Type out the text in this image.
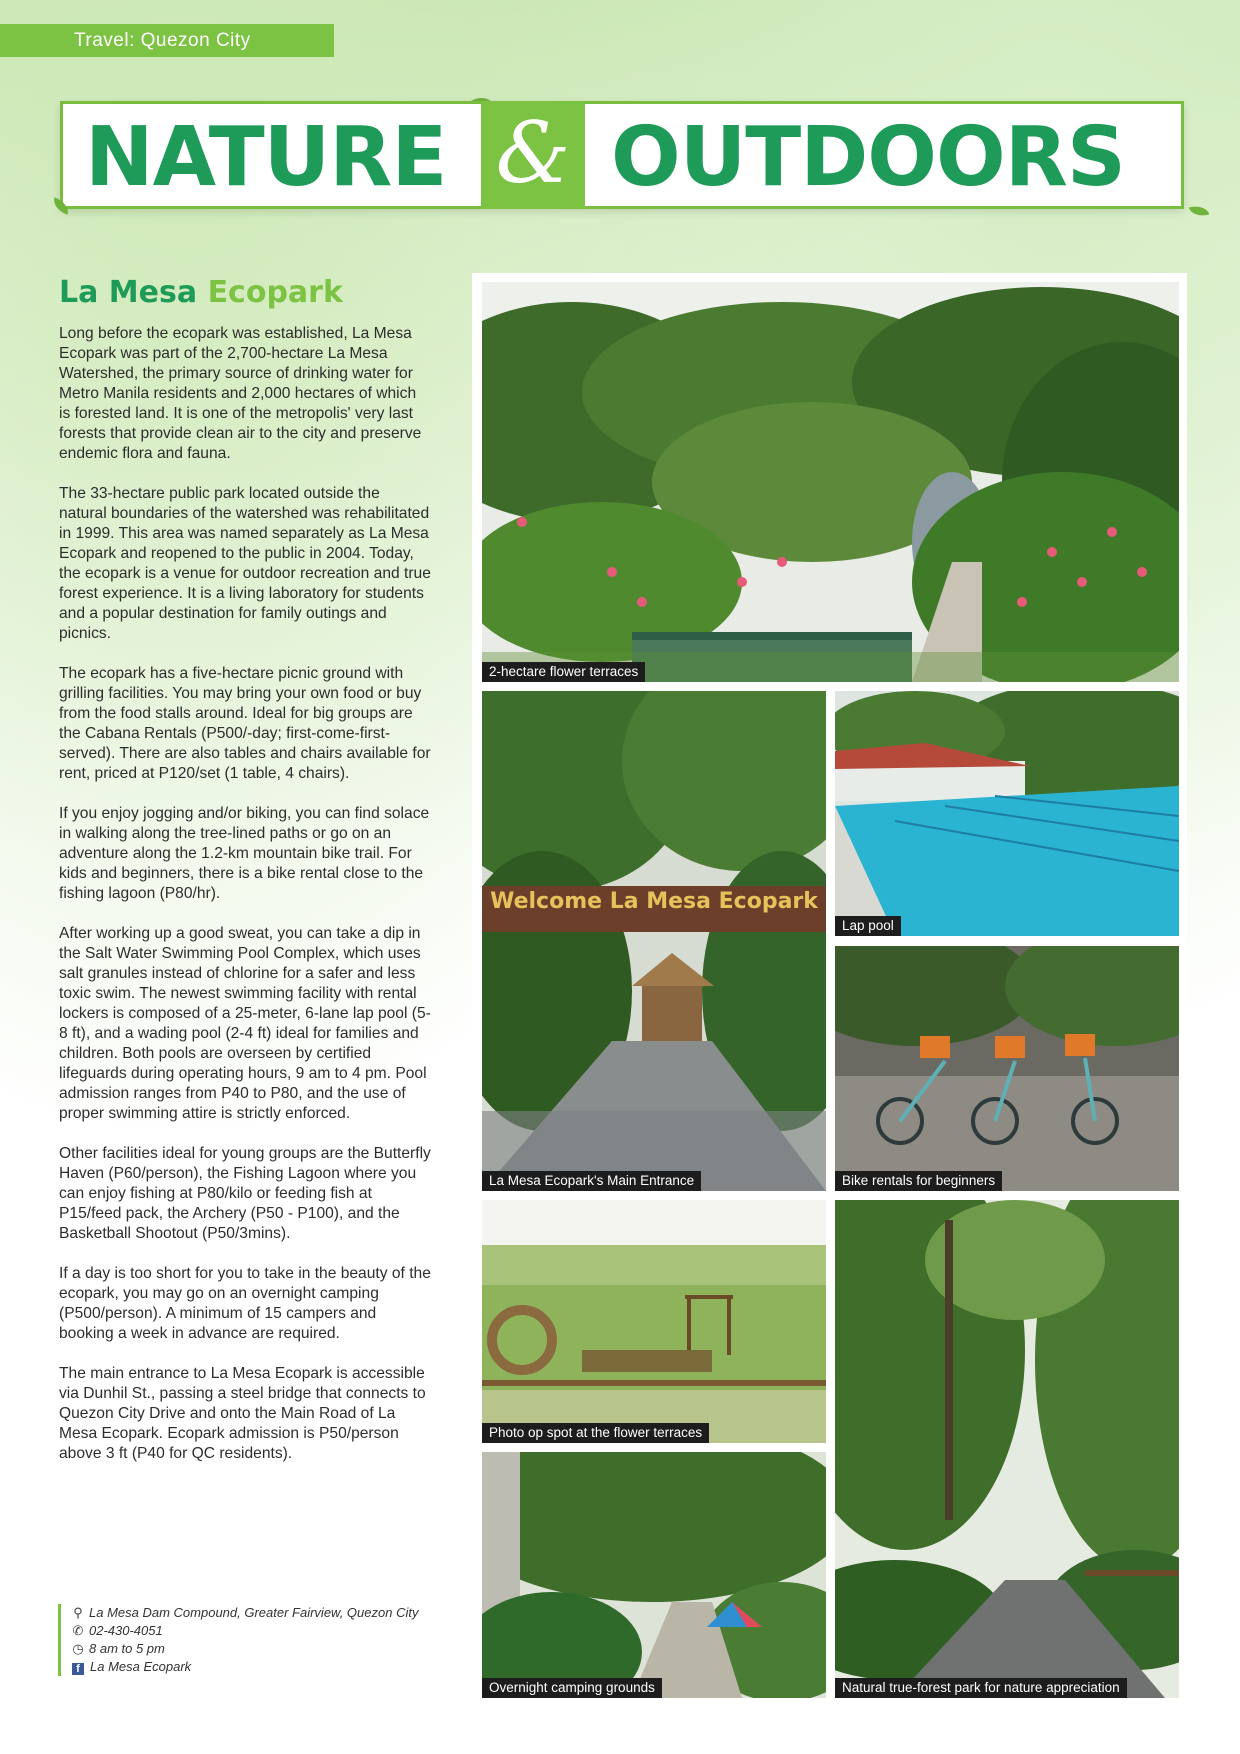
Travel: Quezon City
NATURE & OUTDOORS
La Mesa Ecopark

Long before the ecopark was established, La Mesa Ecopark was part of the 2,700-hectare La Mesa Watershed, the primary source of drinking water for Metro Manila residents and 2,000 hectares of which is forested land. It is one of the metropolis' very last forests that provide clean air to the city and preserve endemic flora and fauna.

The 33-hectare public park located outside the natural boundaries of the watershed was rehabilitated in 1999. This area was named separately as La Mesa Ecopark and reopened to the public in 2004. Today, the ecopark is a venue for outdoor recreation and true forest experience. It is a living laboratory for students and a popular destination for family outings and picnics.

The ecopark has a five-hectare picnic ground with grilling facilities. You may bring your own food or buy from the food stalls around. Ideal for big groups are the Cabana Rentals (P500/-day; first-come-first-served). There are also tables and chairs available for rent, priced at P120/set (1 table, 4 chairs).

If you enjoy jogging and/or biking, you can find solace in walking along the tree-lined paths or go on an adventure along the 1.2-km mountain bike trail. For kids and beginners, there is a bike rental close to the fishing lagoon (P80/hr).

After working up a good sweat, you can take a dip in the Salt Water Swimming Pool Complex, which uses salt granules instead of chlorine for a safer and less toxic swim. The newest swimming facility with rental lockers is composed of a 25-meter, 6-lane lap pool (5-8 ft), and a wading pool (2-4 ft) ideal for families and children. Both pools are overseen by certified lifeguards during operating hours, 9 am to 4 pm. Pool admission ranges from P40 to P80, and the use of proper swimming attire is strictly enforced.

Other facilities ideal for young groups are the Butterfly Haven (P60/person), the Fishing Lagoon where you can enjoy fishing at P80/kilo or feeding fish at P15/feed pack, the Archery (P50 - P100), and the Basketball Shootout (P50/3mins).

If a day is too short for you to take in the beauty of the ecopark, you may go on an overnight camping (P500/person). A minimum of 15 campers and booking a week in advance are required.

The main entrance to La Mesa Ecopark is accessible via Dunhil St., passing a steel bridge that connects to Quezon City Drive and onto the Main Road of La Mesa Ecopark. Ecopark admission is P50/person above 3 ft (P40 for QC residents).

⚲ La Mesa Dam Compound, Greater Fairview, Quezon City
✆ 02-430-4051
◷ 8 am to 5 pm
f La Mesa Ecopark
2-hectare flower terraces
Welcome La Mesa Ecopark
La Mesa Ecopark's Main Entrance
Lap pool
Bike rentals for beginners
Photo op spot at the flower terraces
Overnight camping grounds	Natural true-forest park for nature appreciation
